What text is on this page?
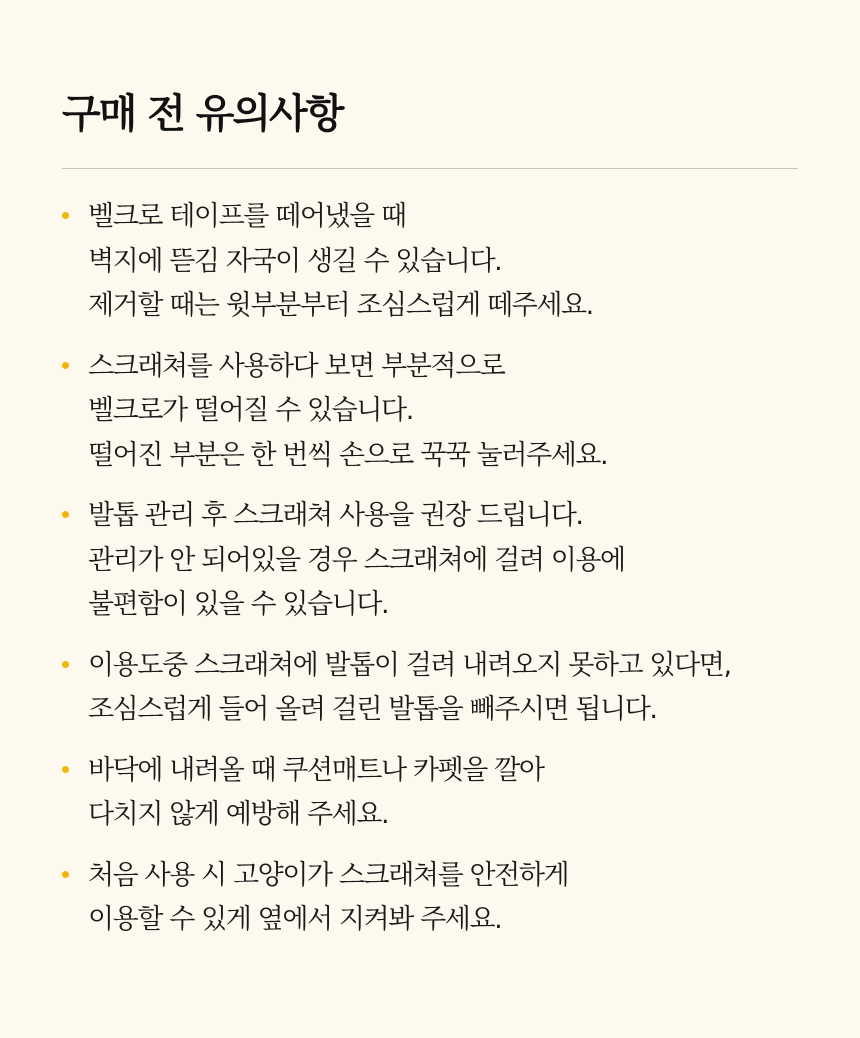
구매 전 유의사항
벨크로 테이프를 떼어냈을 때
벽지에 뜯김 자국이 생길 수 있습니다.
제거할 때는 윗부분부터 조심스럽게 떼주세요.
스크래쳐를 사용하다 보면 부분적으로
벨크로가 떨어질 수 있습니다.
떨어진 부분은 한 번씩 손으로 꾹꾹 눌러주세요.
발톱 관리 후 스크래쳐 사용을 권장 드립니다.
관리가 안 되어있을 경우 스크래쳐에 걸려 이용에
불편함이 있을 수 있습니다.
이용도중 스크래쳐에 발톱이 걸려 내려오지 못하고 있다면,
조심스럽게 들어 올려 걸린 발톱을 빼주시면 됩니다.
바닥에 내려올 때 쿠션매트나 카펫을 깔아
다치지 않게 예방해 주세요.
처음 사용 시 고양이가 스크래쳐를 안전하게
이용할 수 있게 옆에서 지켜봐 주세요.
